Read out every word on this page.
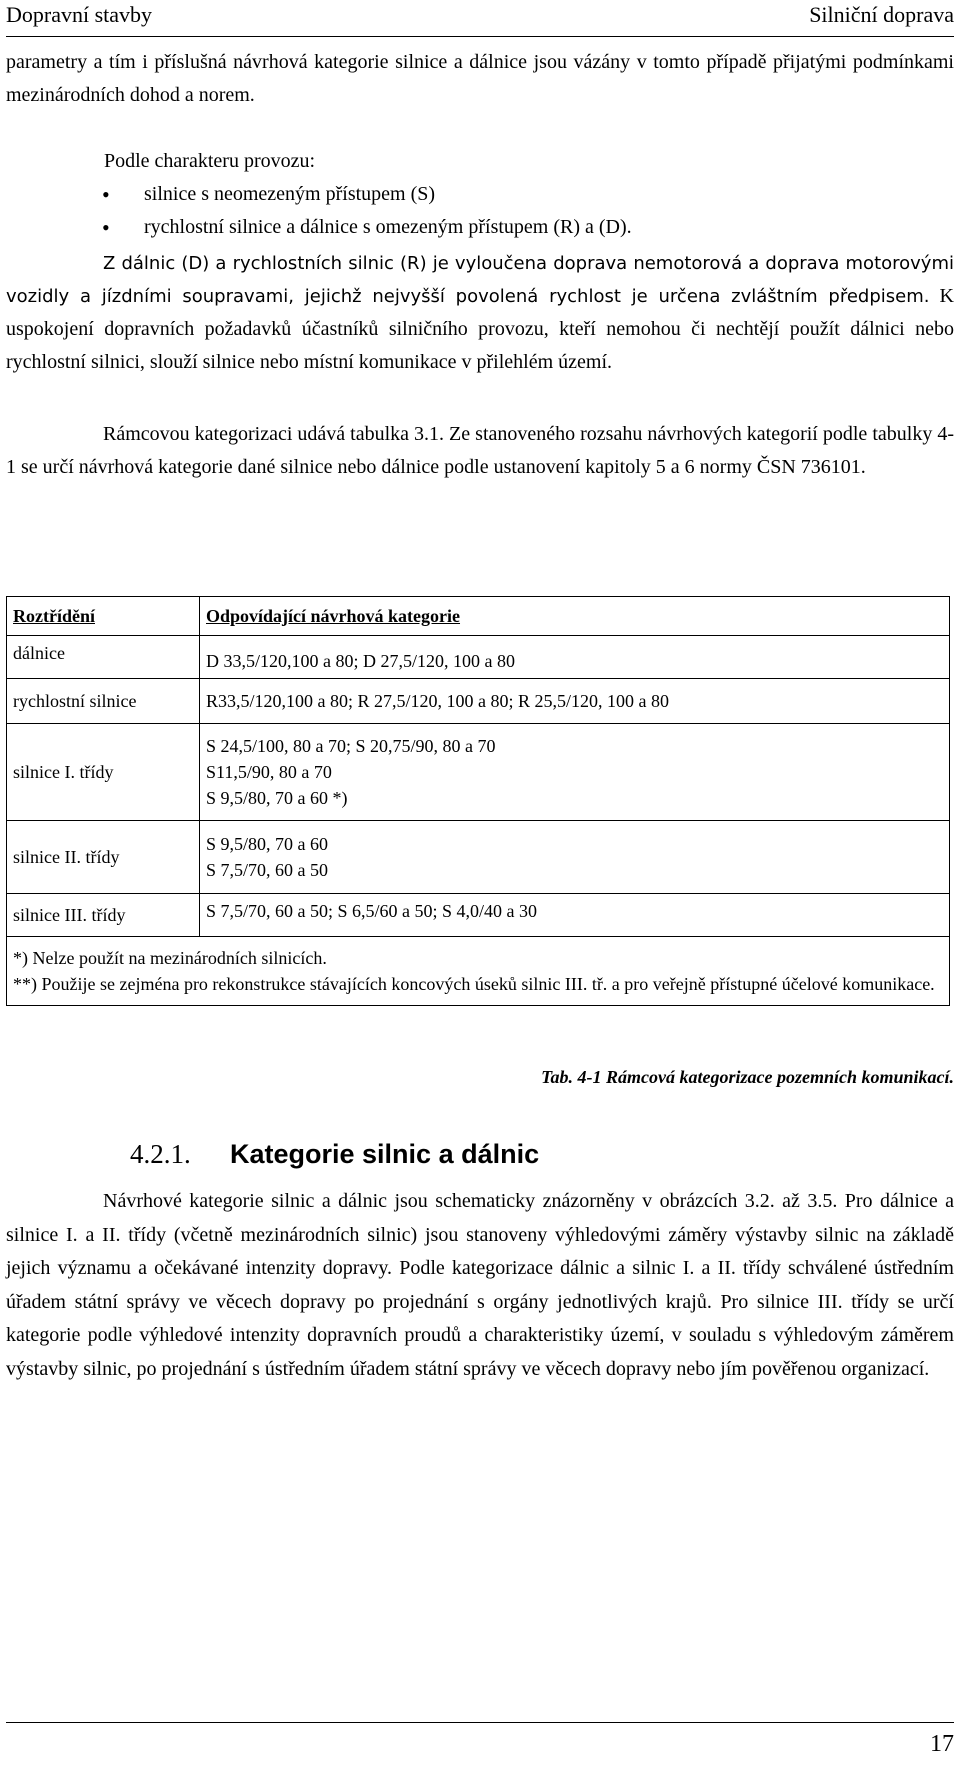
Dopravní stavby	Silniční doprava
parametry a tím i příslušná návrhová kategorie silnice a dálnice jsou vázány v tomto případě přijatými podmínkami mezinárodních dohod a norem.
Podle charakteru provozu:
• silnice s neomezeným přístupem (S)
• rychlostní silnice a dálnice s omezeným přístupem (R) a (D).
Z dálnic (D) a rychlostních silnic (R) je vyloučena doprava nemotorová a doprava motorovými vozidly a jízdními soupravami, jejichž nejvyšší povolená rychlost je určena zvláštním předpisem. K uspokojení dopravních požadavků účastníků silničního provozu, kteří nemohou či nechtějí použít dálnici nebo rychlostní silnici, slouží silnice nebo místní komunikace v přilehlém území.
Rámcovou kategorizaci udává tabulka 3.1. Ze stanoveného rozsahu návrhových kategorií podle tabulky 4-1 se určí návrhová kategorie dané silnice nebo dálnice podle ustanovení kapitoly 5 a 6 normy ČSN 736101.
Roztřídění	Odpovídající návrhová kategorie
dálnice	D 33,5/120,100 a 80; D 27,5/120, 100 a 80
rychlostní silnice	R33,5/120,100 a 80; R 27,5/120, 100 a 80; R 25,5/120, 100 a 80
silnice I. třídy	S 24,5/100, 80 a 70; S 20,75/90, 80 a 70
S11,5/90, 80 a 70
S 9,5/80, 70 a 60 *)

silnice II. třídy	S 9,5/80, 70 a 60
S 7,5/70, 60 a 50

silnice III. třídy	S 7,5/70, 60 a 50; S 6,5/60 a 50; S 4,0/40 a 30

*) Nelze použít na mezinárodních silnicích.
**) Použije se zejména pro rekonstrukce stávajících koncových úseků silnic III. tř. a pro veřejně přístupné účelové komunikace.	
Tab. 4-1 Rámcová kategorizace pozemních komunikací.
4.2.1. Kategorie silnic a dálnic
Návrhové kategorie silnic a dálnic jsou schematicky znázorněny v obrázcích 3.2. až 3.5. Pro dálnice a silnice I. a II. třídy (včetně mezinárodních silnic) jsou stanoveny výhledovými záměry výstavby silnic na základě jejich významu a očekávané intenzity dopravy. Podle kategorizace dálnic a silnic I. a II. třídy schválené ústředním úřadem státní správy ve věcech dopravy po projednání s orgány jednotlivých krajů. Pro silnice III. třídy se určí kategorie podle výhledové intenzity dopravních proudů a charakteristiky území, v souladu s výhledovým záměrem výstavby silnic, po projednání s ústředním úřadem státní správy ve věcech dopravy nebo jím pověřenou organizací.
17
